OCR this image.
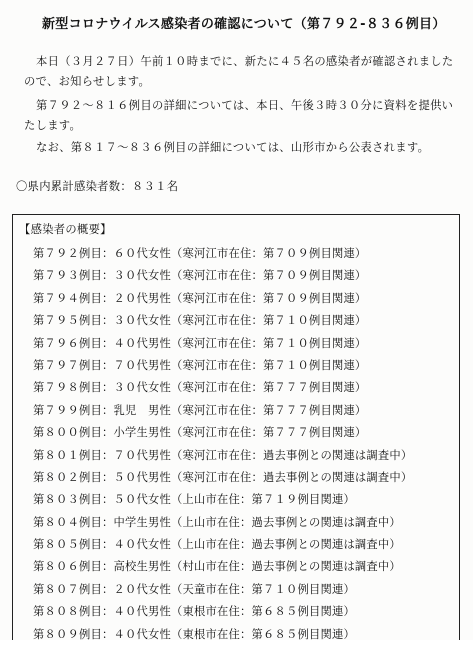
新型コロナウイルス感染者の確認について（第７９２-８３６例目）
本日（３月２７日）午前１０時までに、新たに４５名の感染者が確認されましたので、お知らせします。
第７９２～８１６例目の詳細については、本日、午後３時３０分に資料を提供いたします。
なお、第８１７～８３６例目の詳細については、山形市から公表されます。
〇県内累計感染者数：８３１名
【感染者の概要】
第７９２例目：６０代女性（寒河江市在住：第７０９例目関連）
第７９３例目：３０代女性（寒河江市在住：第７０９例目関連）
第７９４例目：２０代男性（寒河江市在住：第７０９例目関連）
第７９５例目：３０代女性（寒河江市在住：第７１０例目関連）
第７９６例目：４０代男性（寒河江市在住：第７１０例目関連）
第７９７例目：７０代男性（寒河江市在住：第７１０例目関連）
第７９８例目：３０代女性（寒河江市在住：第７７７例目関連）
第７９９例目：乳児　男性（寒河江市在住：第７７７例目関連）
第８００例目：小学生男性（寒河江市在住：第７７７例目関連）
第８０１例目：７０代男性（寒河江市在住：過去事例との関連は調査中）
第８０２例目：５０代男性（寒河江市在住：過去事例との関連は調査中）
第８０３例目：５０代女性（上山市在住：第７１９例目関連）
第８０４例目：中学生男性（上山市在住：過去事例との関連は調査中）
第８０５例目：４０代女性（上山市在住：過去事例との関連は調査中）
第８０６例目：高校生男性（村山市在住：過去事例との関連は調査中）
第８０７例目：２０代女性（天童市在住：第７１０例目関連）
第８０８例目：４０代男性（東根市在住：第６８５例目関連）
第８０９例目：４０代女性（東根市在住：第６８５例目関連）
